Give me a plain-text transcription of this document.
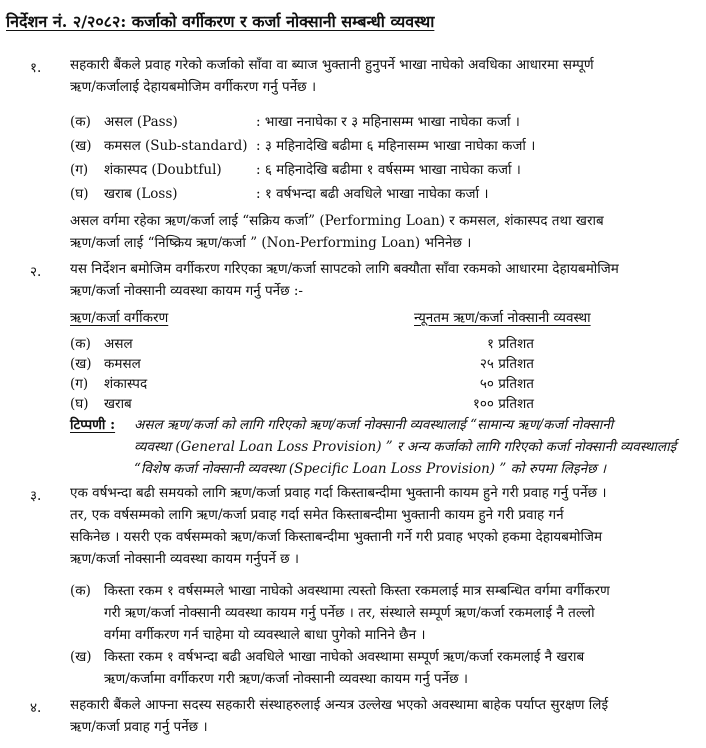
निर्देशन नं. २/२०८२: कर्जाको वर्गीकरण र कर्जा नोक्सानी सम्बन्धी व्यवस्था
१. सहकारी बैंकले प्रवाह गरेको कर्जाको साँवा वा ब्याज भुक्तानी हुनुपर्ने भाखा नाघेको अवधिका आधारमा सम्पूर्ण
ऋण/कर्जालाई देहायबमोजिम वर्गीकरण गर्नु पर्नेछ ।
(क) असल (Pass)	: भाखा ननाघेका र ३ महिनासम्म भाखा नाघेका कर्जा ।
(ख) कमसल (Sub-standard) : ३ महिनादेखि बढीमा ६ महिनासम्म भाखा नाघेका कर्जा ।
(ग) शंकास्पद (Doubtful)	: ६ महिनादेखि बढीमा १ वर्षसम्म भाखा नाघेका कर्जा ।
(घ) खराब (Loss)	: १ वर्षभन्दा बढी अवधिले भाखा नाघेका कर्जा ।
असल वर्गमा रहेका ऋण/कर्जा लाई “सक्रिय कर्जा” (Performing Loan) र कमसल, शंकास्पद तथा खराब
ऋण/कर्जा लाई “निष्क्रिय ऋण/कर्जा ” (Non-Performing Loan) भनिनेछ ।
२. यस निर्देशन बमोजिम वर्गीकरण गरिएका ऋण/कर्जा सापटको लागि बक्यौता साँवा रकमको आधारमा देहायबमोजिम
ऋण/कर्जा नोक्सानी व्यवस्था कायम गर्नु पर्नेछ :-
ऋण/कर्जा वर्गीकरण	न्यूनतम ऋण/कर्जा नोक्सानी व्यवस्था
(क) असल	१ प्रतिशत
(ख) कमसल	२५ प्रतिशत
(ग) शंकास्पद	५० प्रतिशत
(घ) खराब	१०० प्रतिशत
टिप्पणी : असल ऋण/कर्जा को लागि गरिएको ऋण/कर्जा नोक्सानी व्यवस्थालाई “सामान्य ऋण/कर्जा नोक्सानी
व्यवस्था (General Loan Loss Provision) ” र अन्य कर्जाको लागि गरिएको कर्जा नोक्सानी व्यवस्थालाई
“विशेष कर्जा नोक्सानी व्यवस्था (Specific Loan Loss Provision) ” को रुपमा लिइनेछ ।
३. एक वर्षभन्दा बढी समयको लागि ऋण/कर्जा प्रवाह गर्दा किस्ताबन्दीमा भुक्तानी कायम हुने गरी प्रवाह गर्नु पर्नेछ ।
तर, एक वर्षसम्मको लागि ऋण/कर्जा प्रवाह गर्दा समेत किस्ताबन्दीमा भुक्तानी कायम हुने गरी प्रवाह गर्न
सकिनेछ । यसरी एक वर्षसम्मको ऋण/कर्जा किस्ताबन्दीमा भुक्तानी गर्ने गरी प्रवाह भएको हकमा देहायबमोजिम
ऋण/कर्जा नोक्सानी व्यवस्था कायम गर्नुपर्ने छ ।
(क) किस्ता रकम १ वर्षसम्मले भाखा नाघेको अवस्थामा त्यस्तो किस्ता रकमलाई मात्र सम्बन्धित वर्गमा वर्गीकरण
गरी ऋण/कर्जा नोक्सानी व्यवस्था कायम गर्नु पर्नेछ । तर, संस्थाले सम्पूर्ण ऋण/कर्जा रकमलाई नै तल्लो
वर्गमा वर्गीकरण गर्न चाहेमा यो व्यवस्थाले बाधा पुगेको मानिने छैन ।
(ख) किस्ता रकम १ वर्षभन्दा बढी अवधिले भाखा नाघेको अवस्थामा सम्पूर्ण ऋण/कर्जा रकमलाई नै खराब
ऋण/कर्जामा वर्गीकरण गरी ऋण/कर्जा नोक्सानी व्यवस्था कायम गर्नु पर्नेछ ।
४. सहकारी बैंकले आफ्ना सदस्य सहकारी संस्थाहरुलाई अन्यत्र उल्लेख भएको अवस्थामा बाहेक पर्याप्त सुरक्षण लिई
ऋण/कर्जा प्रवाह गर्नु पर्नेछ ।
